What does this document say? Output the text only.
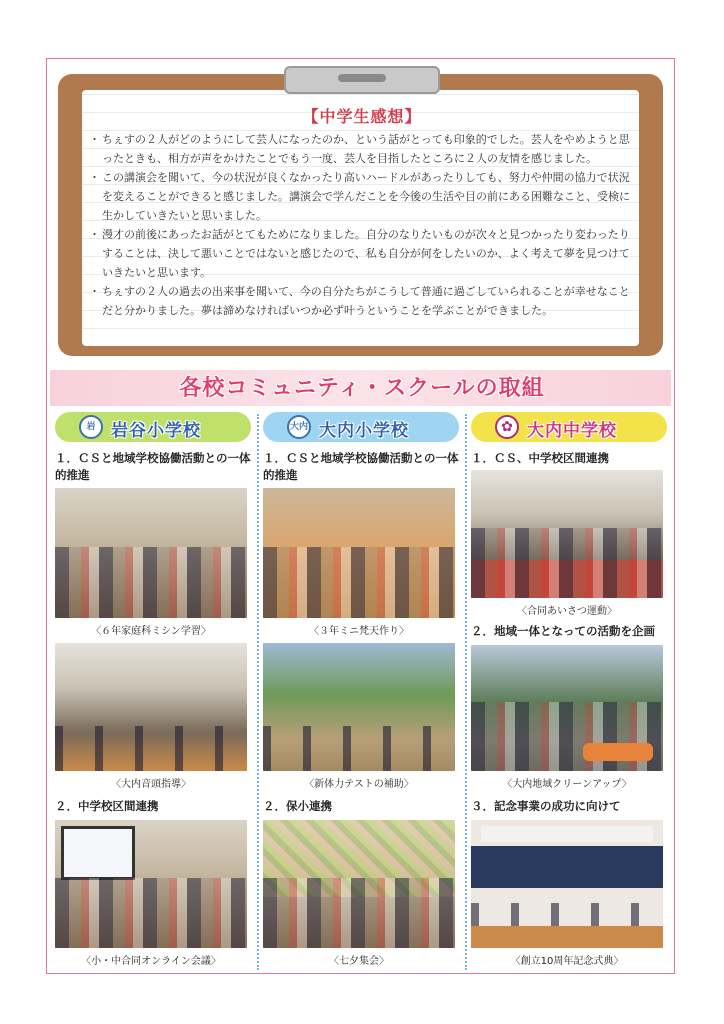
【中学生感想】
・ ちぇすの２人がどのようにして芸人になったのか、という話がとっても印象的でした。芸人をやめようと思ったときも、相方が声をかけたことでもう一度、芸人を目指したところに２人の友情を感じました。
・ この講演会を聞いて、今の状況が良くなかったり高いハードルがあったりしても、努力や仲間の協力で状況を変えることができると感じました。講演会で学んだことを今後の生活や目の前にある困難なこと、受検に生かしていきたいと思いました。
・ 漫才の前後にあったお話がとてもためになりました。自分のなりたいものが次々と見つかったり変わったりすることは、決して悪いことではないと感じたので、私も自分が何をしたいのか、よく考えて夢を見つけていきたいと思います。
・ ちぇすの２人の過去の出来事を聞いて、今の自分たちがこうして普通に過ごしていられることが幸せなことだと分かりました。夢は諦めなければいつか必ず叶うということを学ぶことができました。
各校コミュニティ・スクールの取組
岩 岩谷小学校
１．ＣＳと地域学校協働活動との一体的推進
〈６年家庭科ミシン学習〉
〈大内音頭指導〉
２．中学校区間連携
〈小・中合同オンライン会議〉
大内 大内小学校
１．ＣＳと地域学校協働活動との一体的推進
〈３年ミニ梵天作り〉
〈新体力テストの補助〉
２．保小連携
〈七夕集会〉
✿ 大内中学校
１．ＣＳ、中学校区間連携
〈合同あいさつ運動〉
２．地域一体となっての活動を企画
〈大内地域クリーンアップ〉
３．記念事業の成功に向けて
〈創立10周年記念式典〉
